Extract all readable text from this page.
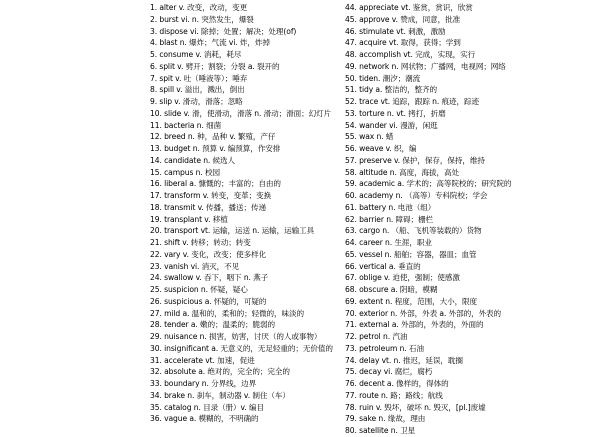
1. alter v. 改变，改动，变更
2. burst vi. n. 突然发生，爆裂
3. dispose vi. 除掉；处置；解决；处理(of)
4. blast n. 爆炸；气流 vi. 炸，炸掉
5. consume v. 消耗，耗尽
6. split v. 劈开；割裂；分裂 a. 裂开的
7. spit v. 吐（唾液等）；唾弃
8. spill v. 溢出，溅出，倒出
9. slip v. 滑动，滑落；忽略
10. slide v. 滑，使滑动，滑落 n. 滑动；滑面；幻灯片
11. bacteria n. 细菌
12. breed n. 种，品种 v. 繁殖，产仔
13. budget n. 预算 v. 编预算，作安排
14. candidate n. 候选人
15. campus n. 校园
16. liberal a. 慷慨的；丰富的；自由的
17. transform v. 转变，变革；变换
18. transmit v. 传播，播送；传递
19. transplant v. 移植
20. transport vt. 运输，运送 n. 运输，运输工具
21. shift v. 转移；转动；转变
22. vary v. 变化，改变；使多样化
23. vanish vi. 消灭，不见
24. swallow v. 吞下，咽下 n. 燕子
25. suspicion n. 怀疑，疑心
26. suspicious a. 怀疑的，可疑的
27. mild a. 温和的，柔和的；轻微的，味淡的
28. tender a. 嫩的；温柔的；脆弱的
29. nuisance n. 损害，妨害，讨厌（的人或事物）
30. insignificant a. 无意义的，无足轻重的；无价值的
31. accelerate vt. 加速，促进
32. absolute a. 绝对的，完全的；完全的
33. boundary n. 分界线，边界
34. brake n. 刹车，制动器 v. 制住（车）
35. catalog n. 目录（册）v. 编目
36. vague a. 模糊的，不明确的
44. appreciate vt. 鉴赏，赏识，欣赏
45. approve v. 赞成，同意，批准
46. stimulate vt. 刺激，激励
47. acquire vt. 取得，获得；学到
48. accomplish vt. 完成，实现，实行
49. network n. 网状物；广播网，电视网；网络
50. tiden. 潮汐；潮流
51. tidy a. 整洁的，整齐的
52. trace vt. 追踪，跟踪 n. 痕迹，踪迹
53. torture n. vt. 拷打，折磨
54. wander vi. 漫游，闲逛
55. wax n. 蜡
56. weave v. 织，编
57. preserve v. 保护，保存，保持，维持
58. altitude n. 高度，海拔，高处
59. academic a. 学术的；高等院校的；研究院的
60. academy n. （高等）专科院校；学会
61. battery n. 电池（组）
62. barrier n. 障碍；栅栏
63. cargo n. （船、飞机等装载的）货物
64. career n. 生涯，职业
65. vessel n. 船舶；容器，器皿；血管
66. vertical a. 垂直的
67. oblige v. 迫使，强制；使感激
68. obscure a. 阴暗，模糊
69. extent n. 程度，范围，大小，限度
70. exterior n. 外部，外表 a. 外部的，外表的
71. external a. 外部的，外表的，外面的
72. petrol n. 汽油
73. petroleum n. 石油
74. delay vt. n. 推迟，延误，耽搁
75. decay vi. 腐烂，腐朽
76. decent a. 像样的，得体的
77. route n. 路；路线；航线
78. ruin v. 毁坏，破坏 n. 毁灭，[pl.]废墟
79. sake n. 缘故，理由
80. satellite n. 卫星
